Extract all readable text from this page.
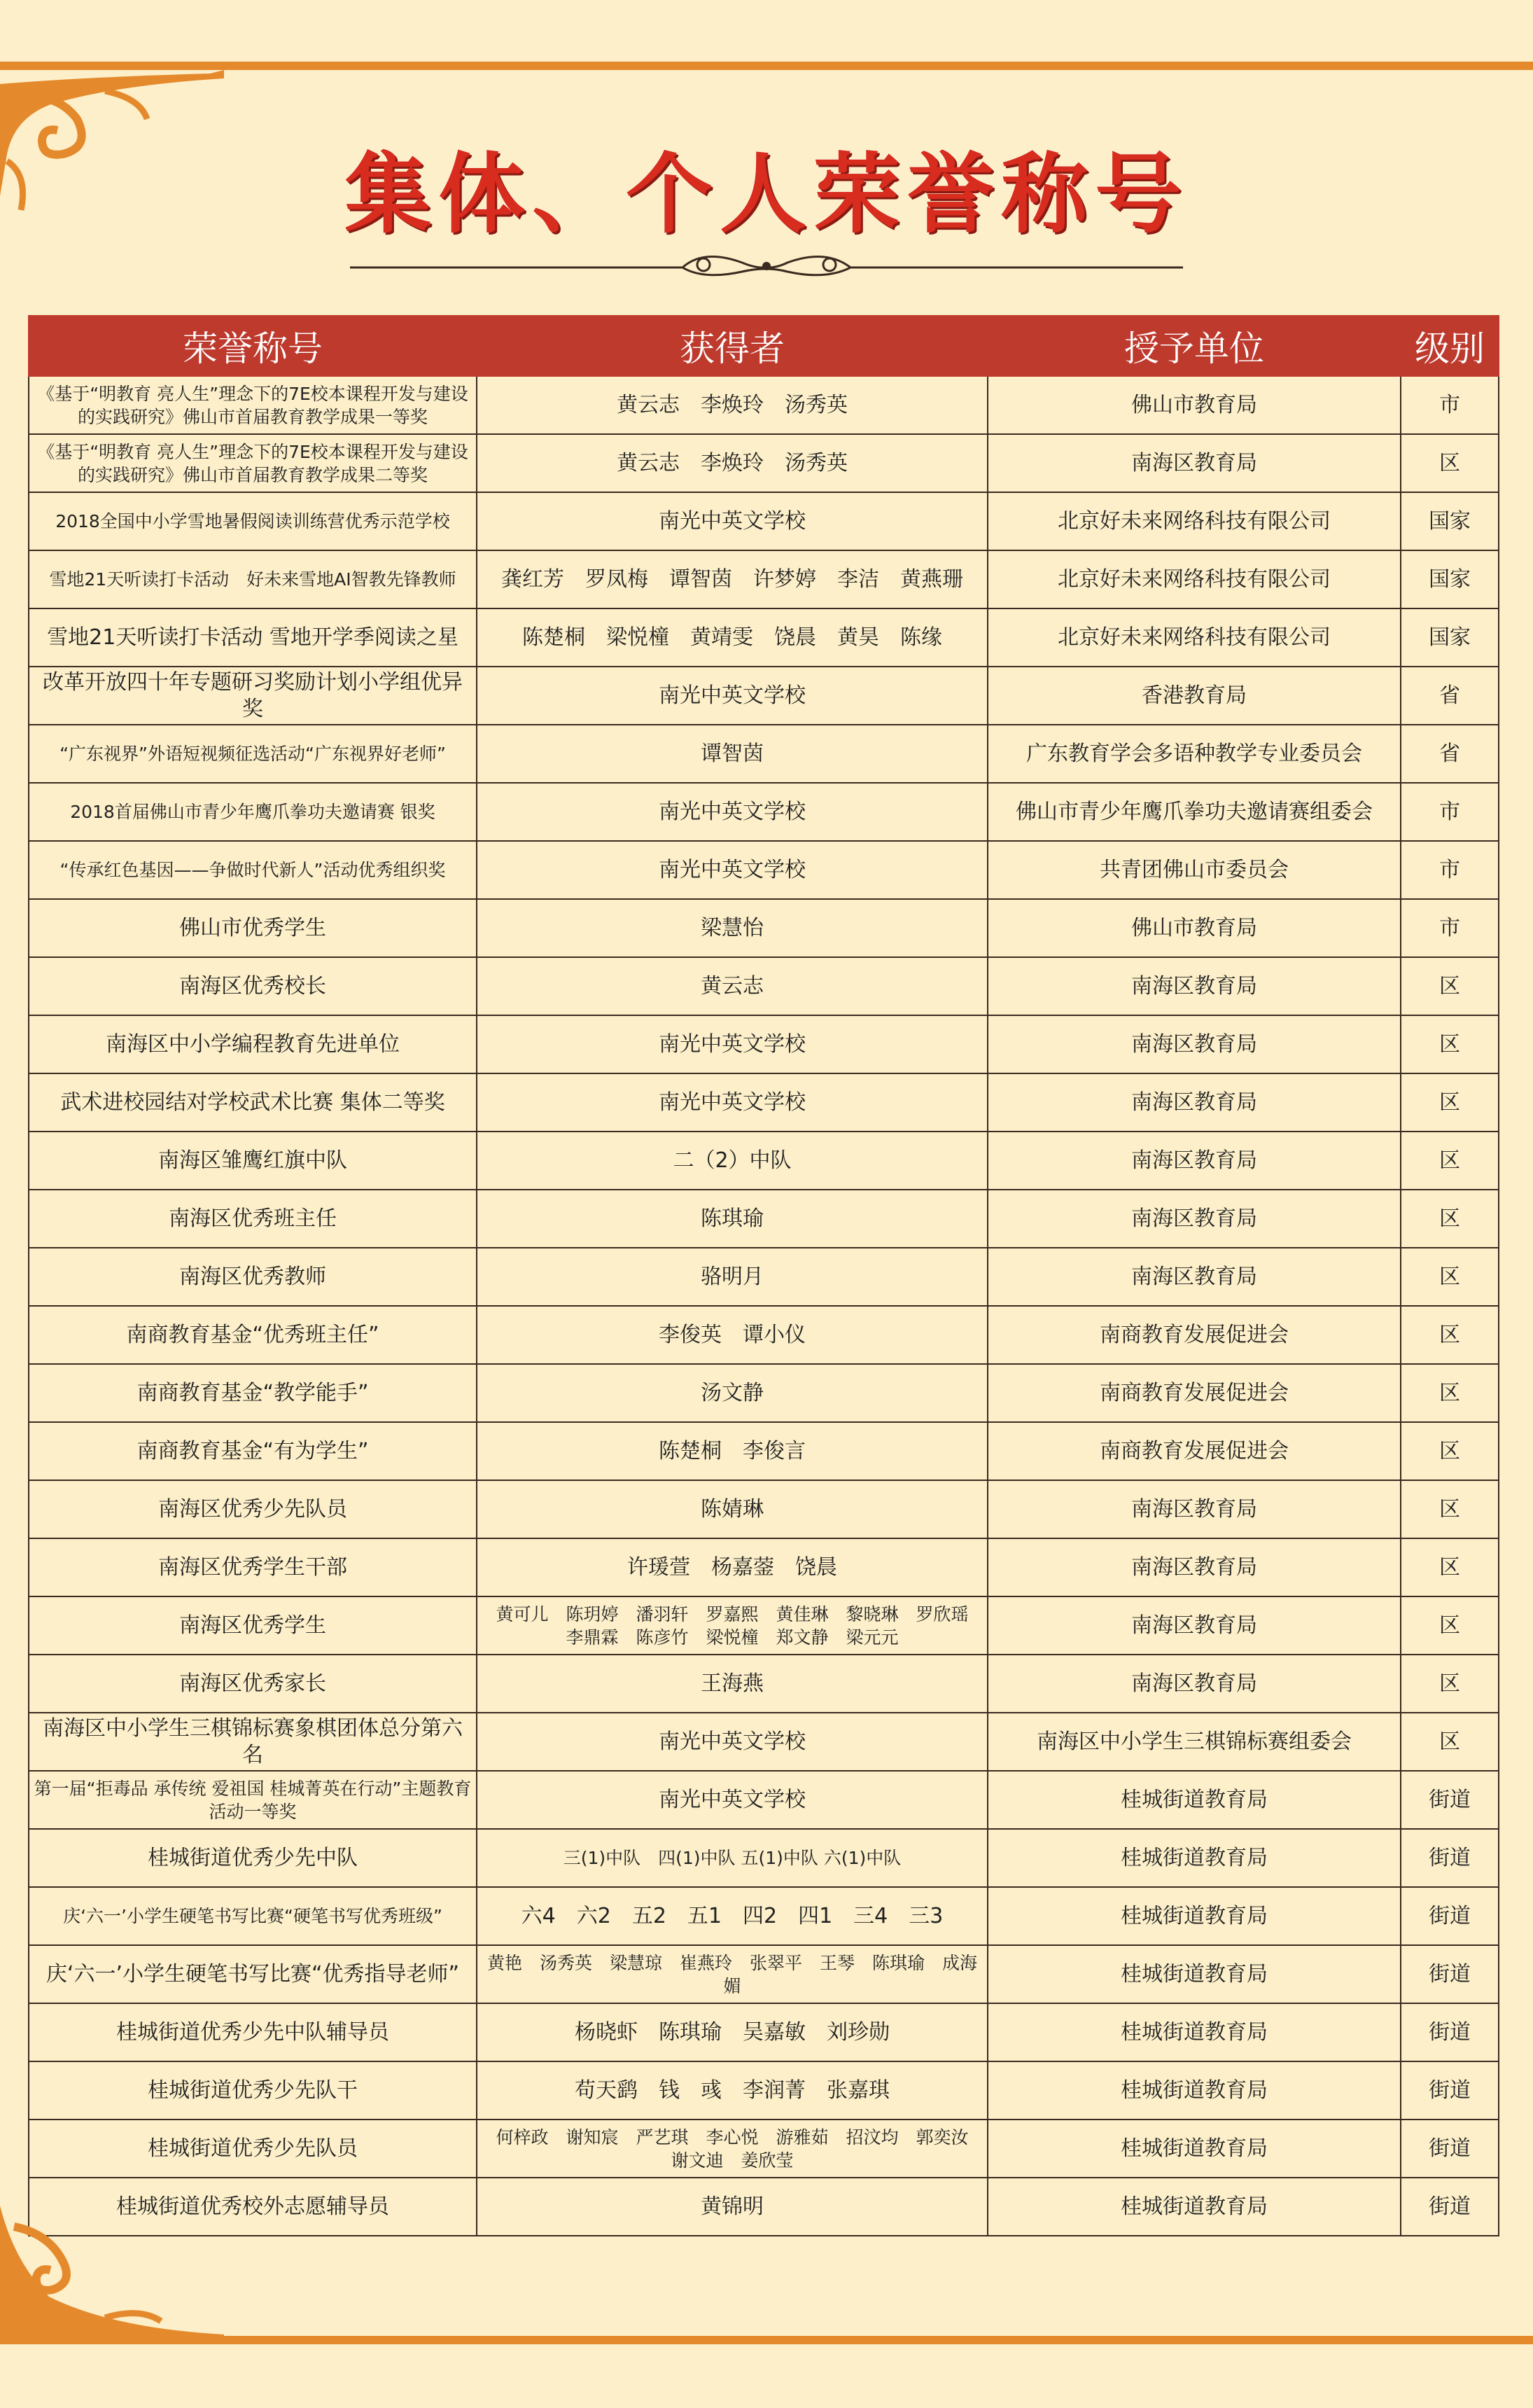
集体、个人荣誉称号
荣誉称号	获得者	授予单位	级别
《基于“明教育 亮人生”理念下的7E校本课程开发与建设的实践研究》佛山市首届教育教学成果一等奖	黄云志　李焕玲　汤秀英	佛山市教育局	市
《基于“明教育 亮人生”理念下的7E校本课程开发与建设的实践研究》佛山市首届教育教学成果二等奖	黄云志　李焕玲　汤秀英	南海区教育局	区
2018全国中小学雪地暑假阅读训练营优秀示范学校	南光中英文学校	北京好未来网络科技有限公司	国家
雪地21天听读打卡活动　好未来雪地AI智教先锋教师	龚红芳　罗凤梅　谭智茵　许梦婷　李洁　黄燕珊	北京好未来网络科技有限公司	国家
雪地21天听读打卡活动 雪地开学季阅读之星	陈楚桐　梁悦橦　黄靖雯　饶晨　黄昊　陈缘	北京好未来网络科技有限公司	国家
改革开放四十年专题研习奖励计划小学组优异奖	南光中英文学校	香港教育局	省
“广东视界”外语短视频征选活动“广东视界好老师”	谭智茵	广东教育学会多语种教学专业委员会	省
2018首届佛山市青少年鹰爪拳功夫邀请赛 银奖	南光中英文学校	佛山市青少年鹰爪拳功夫邀请赛组委会	市
“传承红色基因——争做时代新人”活动优秀组织奖	南光中英文学校	共青团佛山市委员会	市
佛山市优秀学生	梁慧怡	佛山市教育局	市
南海区优秀校长	黄云志	南海区教育局	区
南海区中小学编程教育先进单位	南光中英文学校	南海区教育局	区
武术进校园结对学校武术比赛 集体二等奖	南光中英文学校	南海区教育局	区
南海区雏鹰红旗中队	二（2）中队	南海区教育局	区
南海区优秀班主任	陈琪瑜	南海区教育局	区
南海区优秀教师	骆明月	南海区教育局	区
南商教育基金“优秀班主任”	李俊英　谭小仪	南商教育发展促进会	区
南商教育基金“教学能手”	汤文静	南商教育发展促进会	区
南商教育基金“有为学生”	陈楚桐　李俊言	南商教育发展促进会	区
南海区优秀少先队员	陈婧琳	南海区教育局	区
南海区优秀学生干部	许瑗萱　杨嘉蓥　饶晨	南海区教育局	区
南海区优秀学生	黄可儿　陈玥婷　潘羽轩　罗嘉熙　黄佳琳　黎晓琳　罗欣瑶　李鼎霖　陈彦竹　梁悦橦　郑文静　梁元元	南海区教育局	区
南海区优秀家长	王海燕	南海区教育局	区
南海区中小学生三棋锦标赛象棋团体总分第六名	南光中英文学校	南海区中小学生三棋锦标赛组委会	区
第一届“拒毒品 承传统 爱祖国 桂城菁英在行动”主题教育活动一等奖	南光中英文学校	桂城街道教育局	街道
桂城街道优秀少先中队	三(1)中队　四(1)中队 五(1)中队 六(1)中队	桂城街道教育局	街道
庆‘六一’小学生硬笔书写比赛“硬笔书写优秀班级”	六4　六2　五2　五1　四2　四1　三4　三3	桂城街道教育局	街道
庆‘六一’小学生硬笔书写比赛“优秀指导老师”	黄艳　汤秀英　梁慧琼　崔燕玲　张翠平　王琴　陈琪瑜　成海媚	桂城街道教育局	街道
桂城街道优秀少先中队辅导员	杨晓虾　陈琪瑜　吴嘉敏　刘珍勋	桂城街道教育局	街道
桂城街道优秀少先队干	苟天鹞　钱　彧　李润菁　张嘉琪	桂城街道教育局	街道
桂城街道优秀少先队员	何梓政　谢知宸　严艺琪　李心悦　游雅茹　招汶均　郭奕汝　谢文迪　姜欣莹	桂城街道教育局	街道
桂城街道优秀校外志愿辅导员	黄锦明	桂城街道教育局	街道
